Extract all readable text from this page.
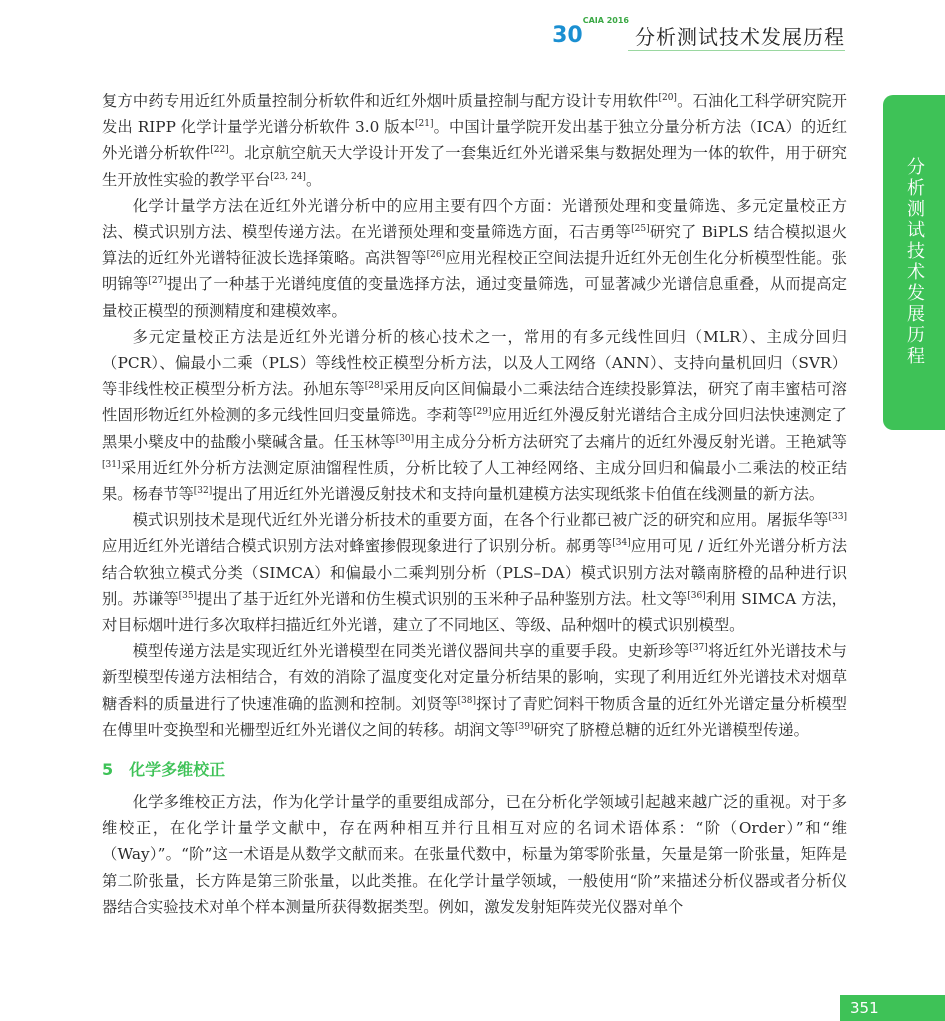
$30^{CAIA 2016}$
分析测试技术发展历程
分析测试技术发展历程

复方中药专用近红外质量控制分析软件和近红外烟叶质量控制与配方设计专用软件[20]。石油化工科学研究院开发出 RIPP 化学计量学光谱分析软件 3.0 版本[21]。中国计量学院开发出基于独立分量分析方法（ICA）的近红外光谱分析软件[22]。北京航空航天大学设计开发了一套集近红外光谱采集与数据处理为一体的软件，用于研究生开放性实验的教学平台[23, 24]。

化学计量学方法在近红外光谱分析中的应用主要有四个方面：光谱预处理和变量筛选、多元定量校正方法、模式识别方法、模型传递方法。在光谱预处理和变量筛选方面，石吉勇等[25]研究了 BiPLS 结合模拟退火算法的近红外光谱特征波长选择策略。高洪智等[26]应用光程校正空间法提升近红外无创生化分析模型性能。张明锦等[27]提出了一种基于光谱纯度值的变量选择方法，通过变量筛选，可显著减少光谱信息重叠，从而提高定量校正模型的预测精度和建模效率。

多元定量校正方法是近红外光谱分析的核心技术之一，常用的有多元线性回归（MLR）、主成分回归（PCR）、偏最小二乘（PLS）等线性校正模型分析方法，以及人工网络（ANN）、支持向量机回归（SVR）等非线性校正模型分析方法。孙旭东等[28]采用反向区间偏最小二乘法结合连续投影算法，研究了南丰蜜桔可溶性固形物近红外检测的多元线性回归变量筛选。李莉等[29]应用近红外漫反射光谱结合主成分回归法快速测定了黑果小檗皮中的盐酸小檗碱含量。任玉林等[30]用主成分分析方法研究了去痛片的近红外漫反射光谱。王艳斌等[31]采用近红外分析方法测定原油馏程性质，分析比较了人工神经网络、主成分回归和偏最小二乘法的校正结果。杨春节等[32]提出了用近红外光谱漫反射技术和支持向量机建模方法实现纸浆卡伯值在线测量的新方法。

模式识别技术是现代近红外光谱分析技术的重要方面，在各个行业都已被广泛的研究和应用。屠振华等[33]应用近红外光谱结合模式识别方法对蜂蜜掺假现象进行了识别分析。郝勇等[34]应用可见 / 近红外光谱分析方法结合软独立模式分类（SIMCA）和偏最小二乘判别分析（PLS–DA）模式识别方法对赣南脐橙的品种进行识别。苏谦等[35]提出了基于近红外光谱和仿生模式识别的玉米种子品种鉴别方法。杜文等[36]利用 SIMCA 方法，对目标烟叶进行多次取样扫描近红外光谱，建立了不同地区、等级、品种烟叶的模式识别模型。

模型传递方法是实现近红外光谱模型在同类光谱仪器间共享的重要手段。史新珍等[37]将近红外光谱技术与新型模型传递方法相结合，有效的消除了温度变化对定量分析结果的影响，实现了利用近红外光谱技术对烟草糖香料的质量进行了快速准确的监测和控制。刘贤等[38]探讨了青贮饲料干物质含量的近红外光谱定量分析模型在傅里叶变换型和光栅型近红外光谱仪之间的转移。胡润文等[39]研究了脐橙总糖的近红外光谱模型传递。

5 化学多维校正

化学多维校正方法，作为化学计量学的重要组成部分，已在分析化学领域引起越来越广泛的重视。对于多维校正，在化学计量学文献中，存在两种相互并行且相互对应的名词术语体系：“阶（Order）”和“维（Way）”。“阶”这一术语是从数学文献而来。在张量代数中，标量为第零阶张量，矢量是第一阶张量，矩阵是第二阶张量，长方阵是第三阶张量，以此类推。在化学计量学领域，一般使用“阶”来描述分析仪器或者分析仪器结合实验技术对单个样本测量所获得数据类型。例如，激发发射矩阵荧光仪器对单个

351
